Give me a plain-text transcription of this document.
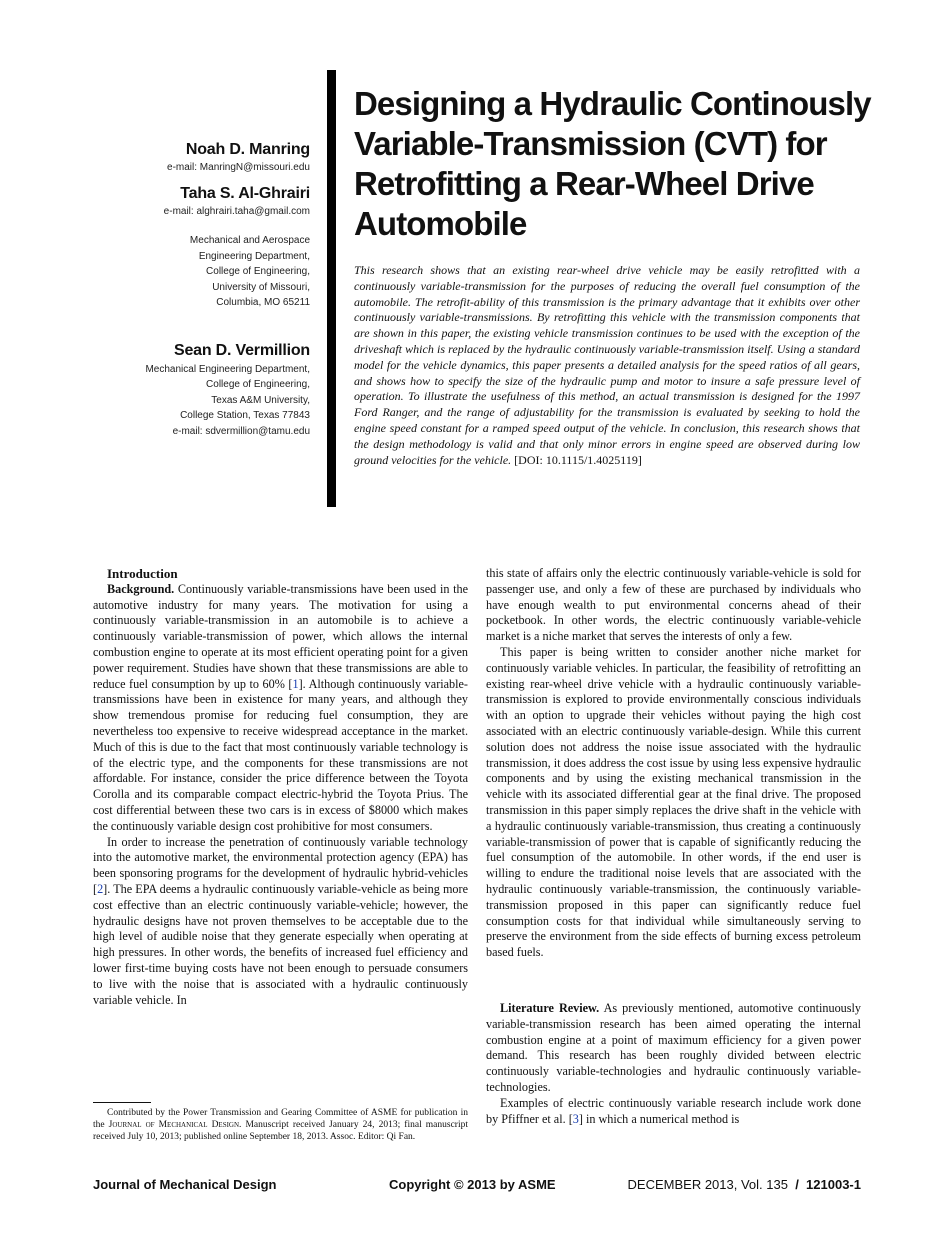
Noah D. Manring

e-mail: ManringN@missouri.edu

Taha S. Al-Ghrairi

e-mail: alghrairi.taha@gmail.com

Mechanical and Aerospace

Engineering Department,

College of Engineering,

University of Missouri,

Columbia, MO 65211

Sean D. Vermillion

Mechanical Engineering Department,

College of Engineering,

Texas A&M University,

College Station, Texas 77843

e-mail: sdvermillion@tamu.edu

Designing a Hydraulic Continously Variable-Transmission (CVT) for Retrofitting a Rear-Wheel Drive Automobile

This research shows that an existing rear-wheel drive vehicle may be easily retrofitted with a continuously variable-transmission for the purposes of reducing the overall fuel consumption of the automobile. The retrofit-ability of this transmission is the primary advantage that it exhibits over other continuously variable-transmissions. By retrofitting this vehicle with the transmission components that are shown in this paper, the existing vehicle transmission continues to be used with the exception of the driveshaft which is replaced by the hydraulic continuously variable-transmission itself. Using a standard model for the vehicle dynamics, this paper presents a detailed analysis for the speed ratios of all gears, and shows how to specify the size of the hydraulic pump and motor to insure a safe pressure level of operation. To illustrate the usefulness of this method, an actual transmission is designed for the 1997 Ford Ranger, and the range of adjustability for the transmission is evaluated by seeking to hold the engine speed constant for a ramped speed output of the vehicle. In conclusion, this research shows that the design methodology is valid and that only minor errors in engine speed are observed during low ground velocities for the vehicle. [DOI: 10.1115/1.4025119]

Introduction

Background. Continuously variable-transmissions have been used in the automotive industry for many years. The motivation for using a continuously variable-transmission in an automobile is to achieve a continuously variable-transmission of power, which allows the internal combustion engine to operate at its most efficient operating point for a given power requirement. Studies have shown that these transmissions are able to reduce fuel consumption by up to 60% [1]. Although continuously variable-transmissions have been in existence for many years, and although they show tremendous promise for reducing fuel consumption, they are nevertheless too expensive to receive widespread acceptance in the market. Much of this is due to the fact that most continuously variable technology is of the electric type, and the components for these transmissions are not affordable. For instance, consider the price difference between the Toyota Corolla and its comparable compact electric-hybrid the Toyota Prius. The cost differential between these two cars is in excess of $8000 which makes the continuously variable design cost prohibitive for most consumers.

In order to increase the penetration of continuously variable technology into the automotive market, the environmental protection agency (EPA) has been sponsoring programs for the development of hydraulic hybrid-vehicles [2]. The EPA deems a hydraulic continuously variable-vehicle as being more cost effective than an electric continuously variable-vehicle; however, the hydraulic designs have not proven themselves to be acceptable due to the high level of audible noise that they generate especially when operating at high pressures. In other words, the benefits of increased fuel efficiency and lower first-time buying costs have not been enough to persuade consumers to live with the noise that is associated with a hydraulic continuously variable vehicle. In

Contributed by the Power Transmission and Gearing Committee of ASME for publication in the Journal of Mechanical Design. Manuscript received January 24, 2013; final manuscript received July 10, 2013; published online September 18, 2013. Assoc. Editor: Qi Fan.

this state of affairs only the electric continuously variable-vehicle is sold for passenger use, and only a few of these are purchased by individuals who have enough wealth to put environmental concerns ahead of their pocketbook. In other words, the electric continuously variable-vehicle market is a niche market that serves the interests of only a few.

This paper is being written to consider another niche market for continuously variable vehicles. In particular, the feasibility of retrofitting an existing rear-wheel drive vehicle with a hydraulic continuously variable-transmission is explored to provide environmentally conscious individuals with an option to upgrade their vehicles without paying the high cost associated with an electric continuously variable-design. While this current solution does not address the noise issue associated with the hydraulic transmission, it does address the cost issue by using less expensive hydraulic components and by using the existing mechanical transmission in the vehicle with its associated differential gear at the final drive. The proposed transmission in this paper simply replaces the drive shaft in the vehicle with a hydraulic continuously variable-transmission, thus creating a continuously variable-transmission of power that is capable of significantly reducing the fuel consumption of the automobile. In other words, if the end user is willing to endure the traditional noise levels that are associated with the hydraulic continuously variable-transmission, the continuously variable-transmission proposed in this paper can significantly reduce fuel consumption costs for that individual while simultaneously serving to preserve the environment from the side effects of burning excess petroleum based fuels.

Literature Review. As previously mentioned, automotive continuously variable-transmission research has been aimed operating the internal combustion engine at a point of maximum efficiency for a given power demand. This research has been roughly divided between electric continuously variable-technologies and hydraulic continuously variable-technologies.

Examples of electric continuously variable research include work done by Pfiffner et al. [3] in which a numerical method is

Journal of Mechanical Design	Copyright © 2013 by ASME	DECEMBER 2013, Vol. 135 / 121003-1
